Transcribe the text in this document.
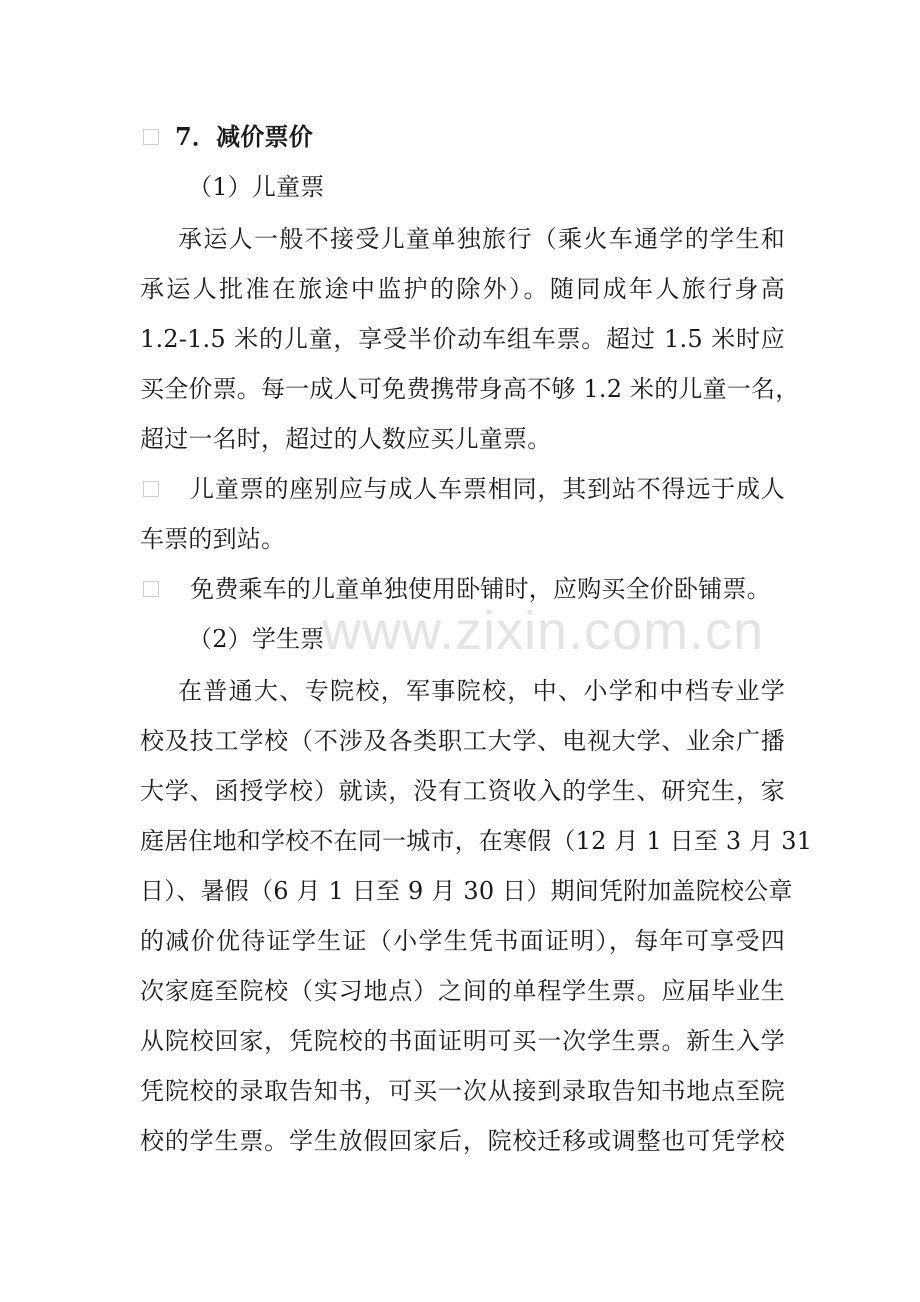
7．减价票价
（1）儿童票
承运人一般不接受儿童单独旅行（乘火车通学的学生和
承运人批准在旅途中监护的除外）。随同成年人旅行身高
1.2-1.5 米的儿童，享受半价动车组车票。超过 1.5 米时应
买全价票。每一成人可免费携带身高不够 1.2 米的儿童一名，
超过一名时，超过的人数应买儿童票。
儿童票的座别应与成人车票相同，其到站不得远于成人
车票的到站。
免费乘车的儿童单独使用卧铺时，应购买全价卧铺票。
www.zixin.com.cn
（2）学生票
在普通大、专院校，军事院校，中、小学和中档专业学
校及技工学校（不涉及各类职工大学、电视大学、业余广播
大学、函授学校）就读，没有工资收入的学生、研究生，家
庭居住地和学校不在同一城市，在寒假（12 月 1 日至 3 月 31
日）、暑假（6 月 1 日至 9 月 30 日）期间凭附加盖院校公章
的减价优待证学生证（小学生凭书面证明），每年可享受四
次家庭至院校（实习地点）之间的单程学生票。应届毕业生
从院校回家，凭院校的书面证明可买一次学生票。新生入学
凭院校的录取告知书，可买一次从接到录取告知书地点至院
校的学生票。学生放假回家后，院校迁移或调整也可凭学校
